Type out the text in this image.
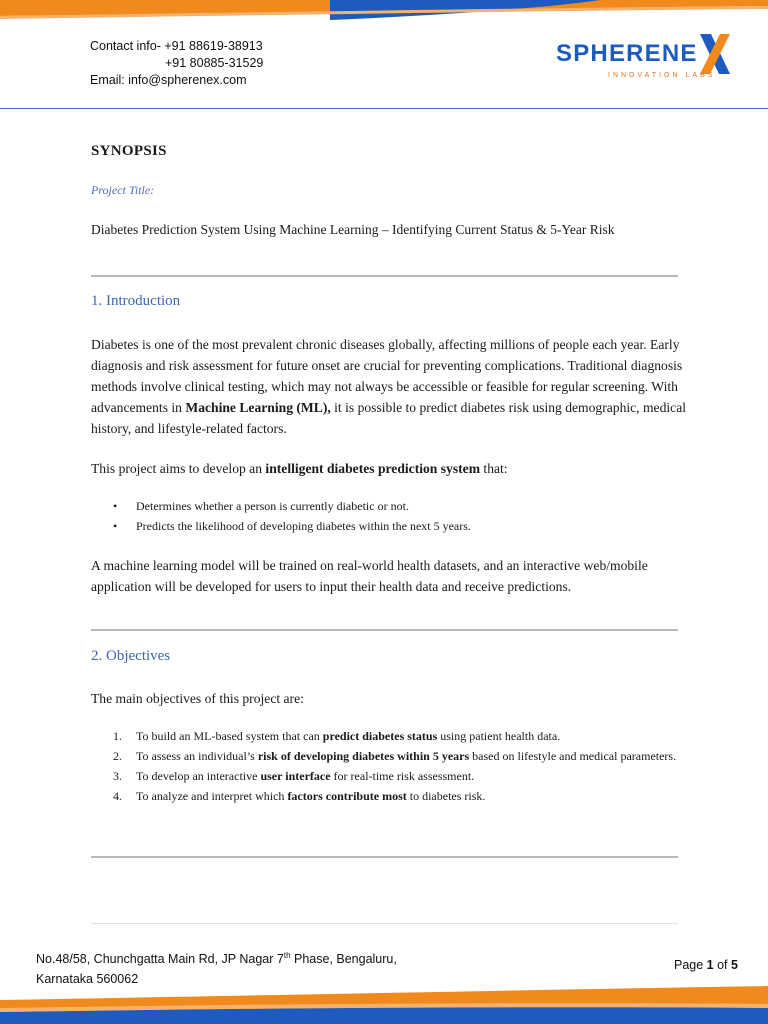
Contact info- +91 88619-38913
+91 80885-31529
Email: info@spherenex.com
SPHERENE
INNOVATION LABS
SYNOPSIS
Project Title:
Diabetes Prediction System Using Machine Learning – Identifying Current Status & 5-Year Risk
1. Introduction
Diabetes is one of the most prevalent chronic diseases globally, affecting millions of people each year. Early diagnosis and risk assessment for future onset are crucial for preventing complications. Traditional diagnosis methods involve clinical testing, which may not always be accessible or feasible for regular screening. With advancements in Machine Learning (ML), it is possible to predict diabetes risk using demographic, medical history, and lifestyle-related factors.
This project aims to develop an intelligent diabetes prediction system that:
• Determines whether a person is currently diabetic or not.
• Predicts the likelihood of developing diabetes within the next 5 years.
A machine learning model will be trained on real-world health datasets, and an interactive web/mobile application will be developed for users to input their health data and receive predictions.
2. Objectives
The main objectives of this project are:
1. To build an ML-based system that can predict diabetes status using patient health data.
2. To assess an individual’s risk of developing diabetes within 5 years based on lifestyle and medical parameters.
3. To develop an interactive user interface for real-time risk assessment.
4. To analyze and interpret which factors contribute most to diabetes risk.
No.48/58, Chunchgatta Main Rd, JP Nagar 7th Phase, Bengaluru,
Karnataka 560062
Page 1 of 5
